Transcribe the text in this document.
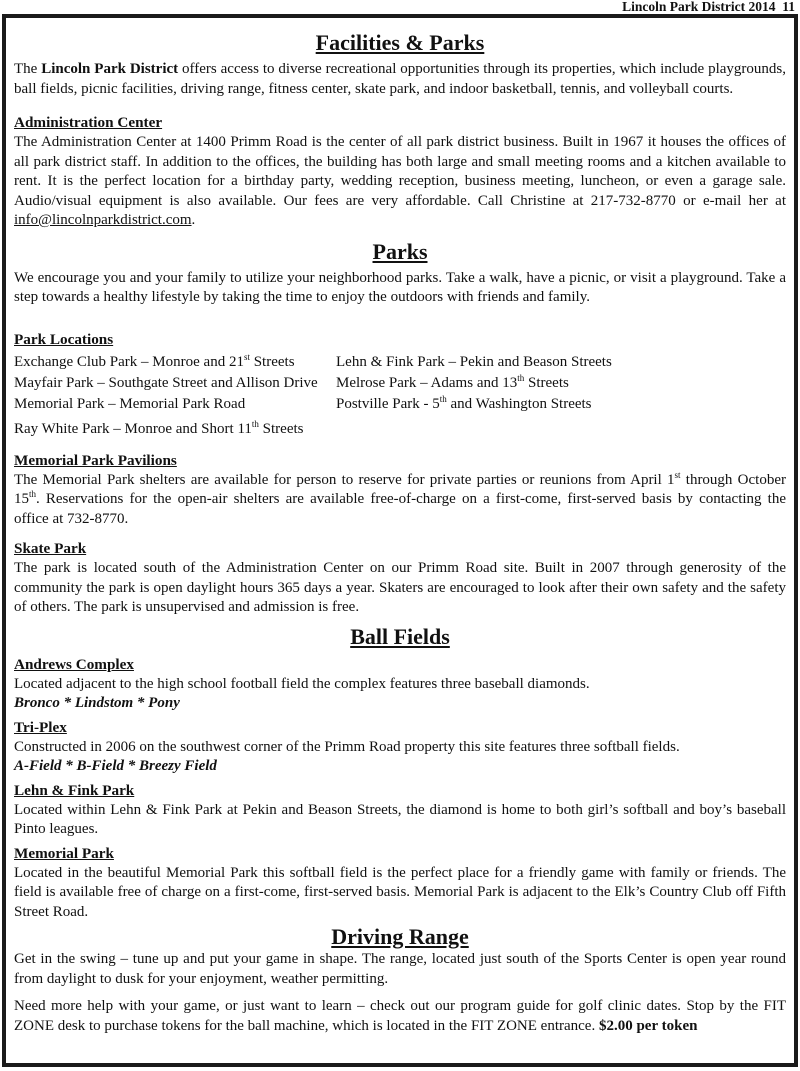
Lincoln Park District 2014  11
Facilities & Parks

The Lincoln Park District offers access to diverse recreational opportunities through its properties, which include playgrounds, ball fields, picnic facilities, driving range, fitness center, skate park, and indoor basketball, tennis, and volleyball courts.

Administration Center

The Administration Center at 1400 Primm Road is the center of all park district business. Built in 1967 it houses the offices of all park district staff. In addition to the offices, the building has both large and small meeting rooms and a kitchen available to rent. It is the perfect location for a birthday party, wedding reception, business meeting, luncheon, or even a garage sale. Audio/visual equipment is also available. Our fees are very affordable. Call Christine at 217-732-8770 or e-mail her at info@lincolnparkdistrict.com.

Parks

We encourage you and your family to utilize your neighborhood parks. Take a walk, have a picnic, or visit a playground. Take a step towards a healthy lifestyle by taking the time to enjoy the outdoors with friends and family.

Park Locations
Exchange Club Park – Monroe and 21st Streets	Lehn & Fink Park – Pekin and Beason Streets
Mayfair Park – Southgate Street and Allison Drive	Melrose Park – Adams and 13th Streets
Memorial Park – Memorial Park Road	Postville Park - 5th and Washington Streets
Ray White Park – Monroe and Short 11th Streets
Memorial Park Pavilions

The Memorial Park shelters are available for person to reserve for private parties or reunions from April 1st through October 15th. Reservations for the open-air shelters are available free-of-charge on a first-come, first-served basis by contacting the office at 732-8770.

Skate Park

The park is located south of the Administration Center on our Primm Road site. Built in 2007 through generosity of the community the park is open daylight hours 365 days a year. Skaters are encouraged to look after their own safety and the safety of others. The park is unsupervised and admission is free.

Ball Fields
Andrews Complex

Located adjacent to the high school football field the complex features three baseball diamonds.

Bronco * Lindstom * Pony

Tri-Plex

Constructed in 2006 on the southwest corner of the Primm Road property this site features three softball fields.

A-Field * B-Field * Breezy Field

Lehn & Fink Park

Located within Lehn & Fink Park at Pekin and Beason Streets, the diamond is home to both girl’s softball and boy’s baseball Pinto leagues.

Memorial Park

Located in the beautiful Memorial Park this softball field is the perfect place for a friendly game with family or friends. The field is available free of charge on a first-come, first-served basis. Memorial Park is adjacent to the Elk’s Country Club off Fifth Street Road.

Driving Range

Get in the swing – tune up and put your game in shape. The range, located just south of the Sports Center is open year round from daylight to dusk for your enjoyment, weather permitting.

Need more help with your game, or just want to learn – check out our program guide for golf clinic dates. Stop by the FIT ZONE desk to purchase tokens for the ball machine, which is located in the FIT ZONE entrance. $2.00 per token
